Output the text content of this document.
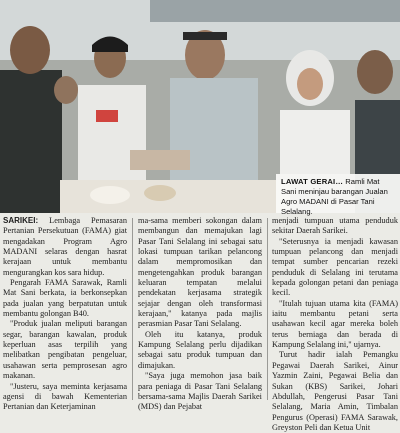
LAWAT GERAI… Ramli Mat Sani meninjau barangan Jualan Agro MADANI di Pasar Tani Selalang.

SARIKEI: Lembaga Pemasaran Pertanian Persekutuan (FAMA) giat mengadakan Program Agro MADANI selaras dengan hasrat kerajaan untuk membantu mengurangkan kos sara hidup.

Pengarah FAMA Sarawak, Ramli Mat Sani berkata, ia berkonsepkan pada jualan yang berpatutan untuk membantu golongan B40.

"Produk jualan meliputi barangan segar, barangan kawalan, produk keperluan asas terpilih yang melibatkan pengibatan pengeluar, usahawan serta pemprosesan agro makanan.

"Justeru, saya meminta kerjasama agensi di bawah Kementerian Pertanian dan Keterjaminan

ma-sama memberi sokongan dalam membangun dan memajukan lagi Pasar Tani Selalang ini sebagai satu lokasi tumpuan tarikan pelancong dalam mempromosikan dan mengetengahkan produk barangan keluaran tempatan melalui pendekatan kerjasama strategik sejajar dengan oleh transformasi kerajaan," katanya pada majlis perasmian Pasar Tani Selalang.

Oleh itu katanya, produk Kampung Selalang perlu dijadikan sebagai satu produk tumpuan dan dimajukan.

"Saya juga memohon jasa baik para peniaga di Pasar Tani Selalang bersama-sama Majlis Daerah Sarikei (MDS) dan Pejabat

menjadi tumpuan utama penduduk sekitar Daerah Sarikei.

"Seterusnya ia menjadi kawasan tumpuan pelancong dan menjadi tempat sumber pencarian rezeki penduduk di Selalang ini terutama kepada golongan petani dan peniaga kecil.

"Itulah tujuan utama kita (FAMA) iaitu membantu petani serta usahawan kecil agar mereka boleh terus berniaga dan berada di Kampung Selalang ini," ujarnya.

Turut hadir ialah Pemangku Pegawai Daerah Sarikei, Ainur Yazmin Zaini, Pegawai Belia dan Sukan (KBS) Sarikei, Johari Abdullah, Pengerusi Pasar Tani Selalang, Maria Amin, Timbalan Pengurus (Operasi) FAMA Sarawak, Greyston Peli dan Ketua Unit
